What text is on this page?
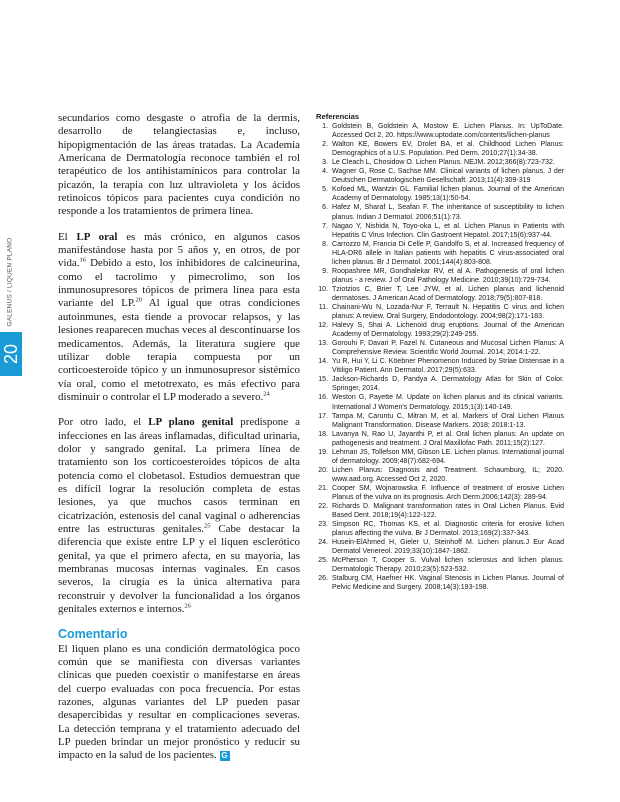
GALENUS / LIQUEN PLANO
20

secundarios como desgaste o atrofia de la dermis, desarrollo de telangiectasias e, incluso, hipopigmentación de las áreas tratadas. La Academia Americana de Dermatología reconoce también el rol terapéutico de los antihistamínicos para controlar la picazón, la terapia con luz ultravioleta y los ácidos retinoicos tópicos para pacientes cuya condición no responde a los tratamientos de primera línea.

El LP oral es más crónico, en algunos casos manifestándose hasta por 5 años y, en otros, de por vida.$^{16}$ Debido a esto, los inhibidores de calcineurina, como el tacrolimo y pimecrolimo, son los inmunosupresores tópicos de primera línea para esta variante del LP.$^{20}$ Al igual que otras condiciones autoinmunes, esta tiende a provocar relapsos, y las lesiones reaparecen muchas veces al descontinuarse los medicamentos. Además, la literatura sugiere que utilizar doble terapia compuesta por un corticoesteroide tópico y un inmunosupresor sistémico vía oral, como el metotrexato, es más efectivo para disminuir o controlar el LP moderado a severo.$^{24}$

Por otro lado, el LP plano genital predispone a infecciones en las áreas inflamadas, dificultad urinaria, dolor y sangrado genital. La primera línea de tratamiento son los corticoesteroides tópicos de alta potencia como el clobetasol. Estudios demuestran que es difícil lograr la resolución completa de estas lesiones, ya que muchos casos terminan en cicatrización, estenosis del canal vaginal o adherencias entre las estructuras genitales.$^{25}$ Cabe destacar la diferencia que existe entre LP y el liquen esclerótico genital, ya que el primero afecta, en su mayoría, las membranas mucosas internas vaginales. En casos severos, la cirugía es la única alternativa para reconstruir y devolver la funcionalidad a los órganos genitales externos e internos.$^{26}$

Comentario

El liquen plano es una condición dermatológica poco común que se manifiesta con diversas variantes clínicas que pueden coexistir o manifestarse en áreas del cuerpo evaluadas con poca frecuencia. Por estas razones, algunas variantes del LP pueden pasar desapercibidas y resultar en complicaciones severas. La detección temprana y el tratamiento adecuado del LP pueden brindar un mejor pronóstico y reducir su impacto en la salud de los pacientes. G

Referencias
1. Goldstein B, Goldstein A, Mostow E. Lichen Planus. In: UpToDate. Accessed Oct 2, 20. https://www.uptodate.com/contents/lichen-planus
2. Walton KE, Bowers EV, Drolet BA, et al. Childhood Lichen Planus: Demographics of a U.S. Population. Ped Derm. 2010;27(1):34-38.
3. Le Cleach L, Chosidow O. Lichen Planus. NEJM. 2012;366(8):723-732.
4. Wagner G, Rose C, Sachse MM. Clinical variants of lichen planus. J der Deutschen Dermatologischen Gesellschaft. 2013;11(4):309-319
5. Kofoed ML, Wantzin GL. Familial lichen planus. Journal of the American Academy of Dermatology. 1985;13(1):50-54.
6. Hafez M, Sharaf L, Seafan F. The inheritance of susceptibility to lichen planus. Indian J Dermatol. 2006;51(1):73.
7. Nagao Y, Nishida N, Toyo-oka L, et al. Lichen Planus in Patients with Hepatitis C Virus Infection. Clin Gastroent Hepatol. 2017;15(6):937-44.
8. Carrozzo M, Francia Di Celle P, Gandolfo S, et al. Increased frequency of HLA-DR6 allele in Italian patients with hepatitis C virus-associated oral lichen planus. Br J Dermatol. 2001;144(4):803-808.
9. Roopashree MR, Gondhalekar RV, et al A. Pathogenesis of oral lichen planus - a review. J of Oral Pathology Medicine. 2010;39(10):729-734.
10. Tziotzios C, Brier T, Lee JYW, et al. Lichen planus and lichenoid dermatoses. J American Acad of Dermatology. 2018;79(5):807-818.
11. Chainani-Wu N, Lozada-Nur F, Terrault N. Hepatitis C virus and lichen planus: A review. Oral Surgery, Endodontology. 2004;98(2):171-183.
12. Halevy S, Shai A. Lichenoid drug eruptions. Journal of the American Academy of Dermatology. 1993;29(2):249-255.
13. Gorouhi F, Davari P, Fazel N. Cutaneous and Mucosal Lichen Planus: A Comprehensive Review. Scientific World Journal. 2014; 2014:1-22.
14. Yu R, Hui Y, Li C. Köebner Phenomenon Induced by Striae Distensae in a Vitiligo Patient. Ann Dermatol. 2017;29(5):633.
15. Jackson-Richards D, Pandya A. Dermatology Atlas for Skin of Color. Springer, 2014.
16. Weston G, Payette M. Update on lichen planus and its clinical variants. International J Women's Dermatology. 2015;1(3):140-149.
17. Tampa M, Caruntu C, Mitran M, et al. Markers of Oral Lichen Planus Malignant Transformation. Disease Markers. 2018; 2018:1-13.
18. Lavanya N, Rao U, Jayanthi P, et al. Oral lichen planus: An update on pathogenesis and treatment. J Oral Maxillofac Path. 2011;15(2):127.
19. Lehman JS, Tollefson MM, Gibson LE. Lichen planus. International journal of dermatology. 2009;48(7):682-694.
20. Lichen Planus: Diagnosis and Treatment. Schaumburg, IL; 2020. www.aad.org. Accessed Oct 2, 2020.
21. Cooper SM, Wojnarowska F. Influence of treatment of erosive Lichen Planus of the vulva on its prognosis. Arch Derm.2006;142(3): 289-94.
22. Richards D. Malignant transformation rates in Oral Lichen Planus. Evid Based Dent. 2018;19(4):122-122.
23. Simpson RC, Thomas KS, et al. Diagnostic criteria for erosive lichen planus affecting the vulva. Br J Dermatol. 2013;169(2):337-343.
24. Husein-ElAhmed H, Gieler U, Steinhoff M. Lichen planus.J Eur Acad Dermatol Venereol. 2019;33(10):1847-1862.
25. McPherson T, Cooper S. Vulval lichen sclerosus and lichen planus. Dermatologic Therapy. 2010;23(5):523-532.
26. Stalburg CM, Haefner HK. Vaginal Stenosis in Lichen Planus. Journal of Pelvic Medicine and Surgery. 2008;14(3):193-198.
